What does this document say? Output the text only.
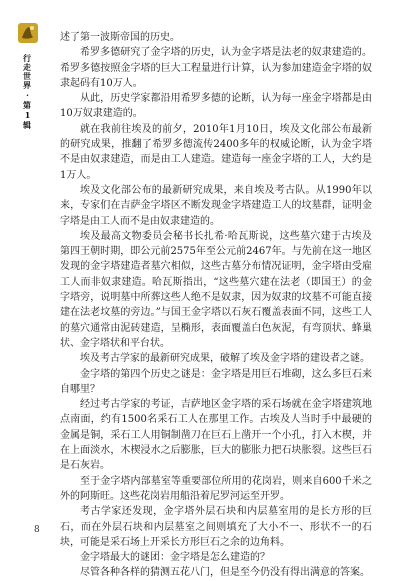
行走世界·第1辑

述了第一波斯帝国的历史。

希罗多德研究了金字塔的历史，认为金字塔是法老的奴隶建造的。希罗多德按照金字塔的巨大工程量进行计算，认为参加建造金字塔的奴隶起码有10万人。

从此，历史学家都沿用希罗多德的论断，认为每一座金字塔都是由10万奴隶建造的。

就在我前往埃及的前夕，2010年1月10日，埃及文化部公布最新的研究成果，推翻了希罗多德流传2400多年的权威论断，认为金字塔不是由奴隶建造，而是由工人建造。建造每一座金字塔的工人，大约是1万人。

埃及文化部公布的最新研究成果，来自埃及考古队。从1990年以来，专家们在吉萨金字塔区不断发现金字塔建造工人的坟墓群，证明金字塔是由工人而不是由奴隶建造的。

埃及最高文物委员会秘书长扎希·哈瓦斯说，这些墓穴建于古埃及第四王朝时期，即公元前2575年至公元前2467年。与先前在这一地区发现的金字塔建造者墓穴相似，这些古墓分布情况证明，金字塔由受雇工人而非奴隶建造。哈瓦斯指出，“这些墓穴建在法老（即国王）的金字塔旁，说明墓中所葬这些人绝不是奴隶，因为奴隶的坟墓不可能直接建在法老坟墓的旁边。”与国王金字塔以石灰石覆盖表面不同，这些工人的墓穴通常由泥砖建造，呈椭形，表面覆盖白色灰泥，有弯顶状、蜂巢状、金字塔状和平台状。

埃及考古学家的最新研究成果，破解了埃及金字塔的建设者之谜。

金字塔的第四个历史之谜是：金字塔是用巨石堆砌，这么多巨石来自哪里？

经过考古学家的考证，吉萨地区金字塔的采石场就在金字塔建筑地点南面，约有1500名采石工人在那里工作。古埃及人当时手中最硬的金属是铜，采石工人用铜制凿刀在巨石上凿开一个小孔，打入木楔，并在上面淡水，木楔浸水之后膨胀，巨大的膨胀力把石块胀裂。这些巨石是石灰岩。

至于金字塔内部墓室等重要部位所用的花岗岩，则来自600千米之外的阿斯旺。这些花岗岩用船沿着尼罗河运至开罗。

考古学家还发现，金字塔外层石块和内层墓室用的是长方形的巨石，而在外层石块和内层墓室之间则填充了大小不一、形状不一的石块，可能是采石场上开采长方形巨石之余的边角料。

金字塔最大的谜团：金字塔是怎么建造的？

尽管各种各样的猜测五花八门，但是至今仍没有得出满意的答案。

8
